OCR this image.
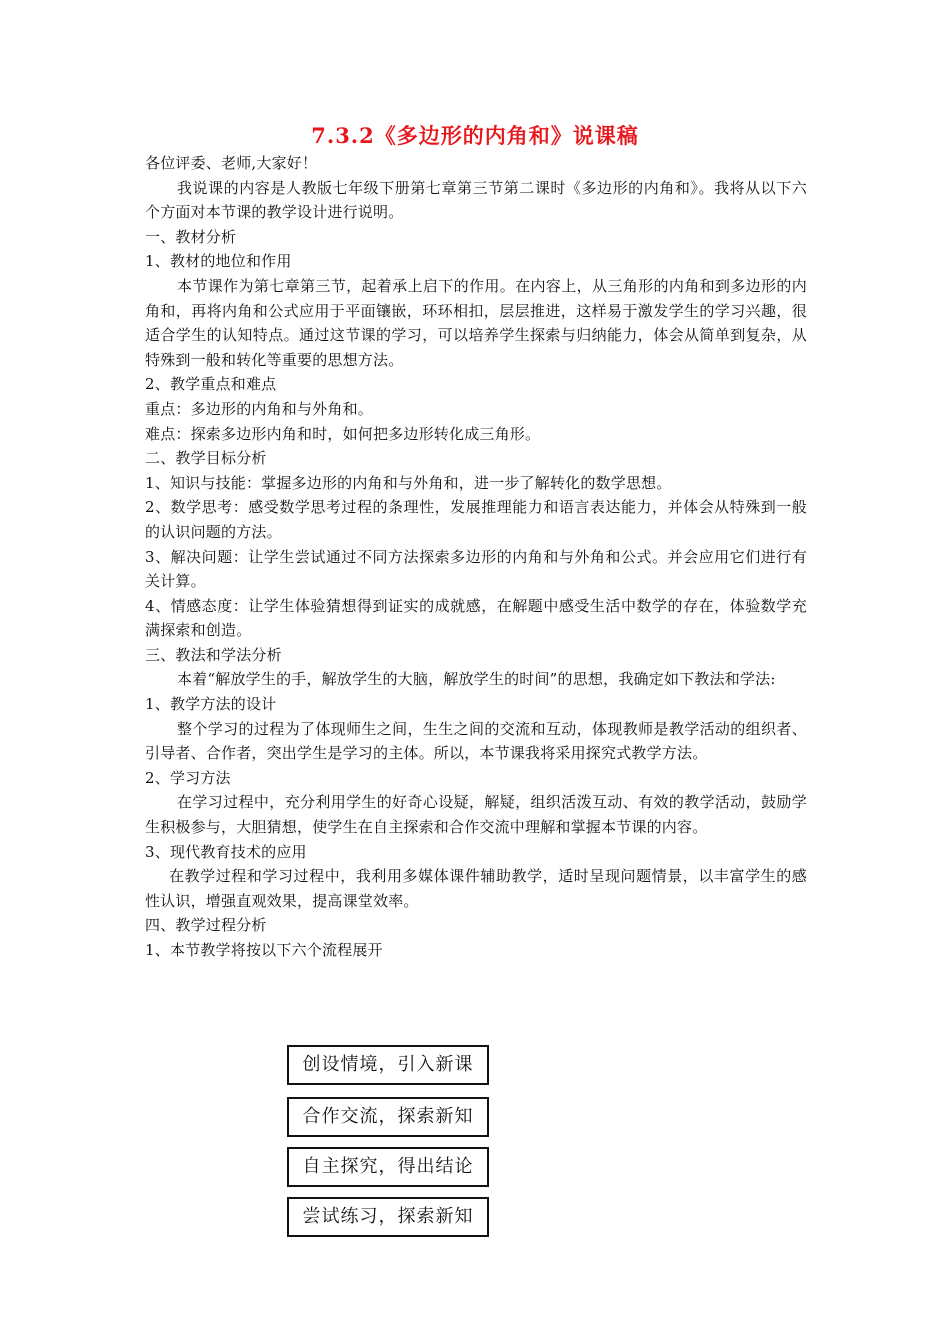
7.3.2《多边形的内角和》说课稿
各位评委、老师,大家好！
我说课的内容是人教版七年级下册第七章第三节第二课时《多边形的内角和》。我将从以下六个方面对本节课的教学设计进行说明。
一、教材分析
1、教材的地位和作用
本节课作为第七章第三节，起着承上启下的作用。在内容上，从三角形的内角和到多边形的内角和，再将内角和公式应用于平面镶嵌，环环相扣，层层推进，这样易于激发学生的学习兴趣，很适合学生的认知特点。通过这节课的学习，可以培养学生探索与归纳能力，体会从简单到复杂，从特殊到一般和转化等重要的思想方法。
2、教学重点和难点
重点：多边形的内角和与外角和。
难点：探索多边形内角和时，如何把多边形转化成三角形。
二、教学目标分析
1、知识与技能：掌握多边形的内角和与外角和，进一步了解转化的数学思想。
2、数学思考：感受数学思考过程的条理性，发展推理能力和语言表达能力，并体会从特殊到一般的认识问题的方法。
3、解决问题：让学生尝试通过不同方法探索多边形的内角和与外角和公式。并会应用它们进行有关计算。
4、情感态度：让学生体验猜想得到证实的成就感，在解题中感受生活中数学的存在，体验数学充满探索和创造。
三、教法和学法分析
本着“解放学生的手，解放学生的大脑，解放学生的时间”的思想，我确定如下教法和学法:
1、教学方法的设计
整个学习的过程为了体现师生之间，生生之间的交流和互动，体现教师是教学活动的组织者、引导者、合作者，突出学生是学习的主体。所以，本节课我将采用探究式教学方法。
2、学习方法
在学习过程中，充分利用学生的好奇心设疑，解疑，组织活泼互动、有效的教学活动，鼓励学生积极参与，大胆猜想，使学生在自主探索和合作交流中理解和掌握本节课的内容。
3、现代教育技术的应用
在教学过程和学习过程中，我利用多媒体课件辅助教学，适时呈现问题情景，以丰富学生的感性认识，增强直观效果，提高课堂效率。
四、教学过程分析
1、本节教学将按以下六个流程展开
创设情境，引入新课
合作交流，探索新知
自主探究，得出结论
尝试练习，探索新知
